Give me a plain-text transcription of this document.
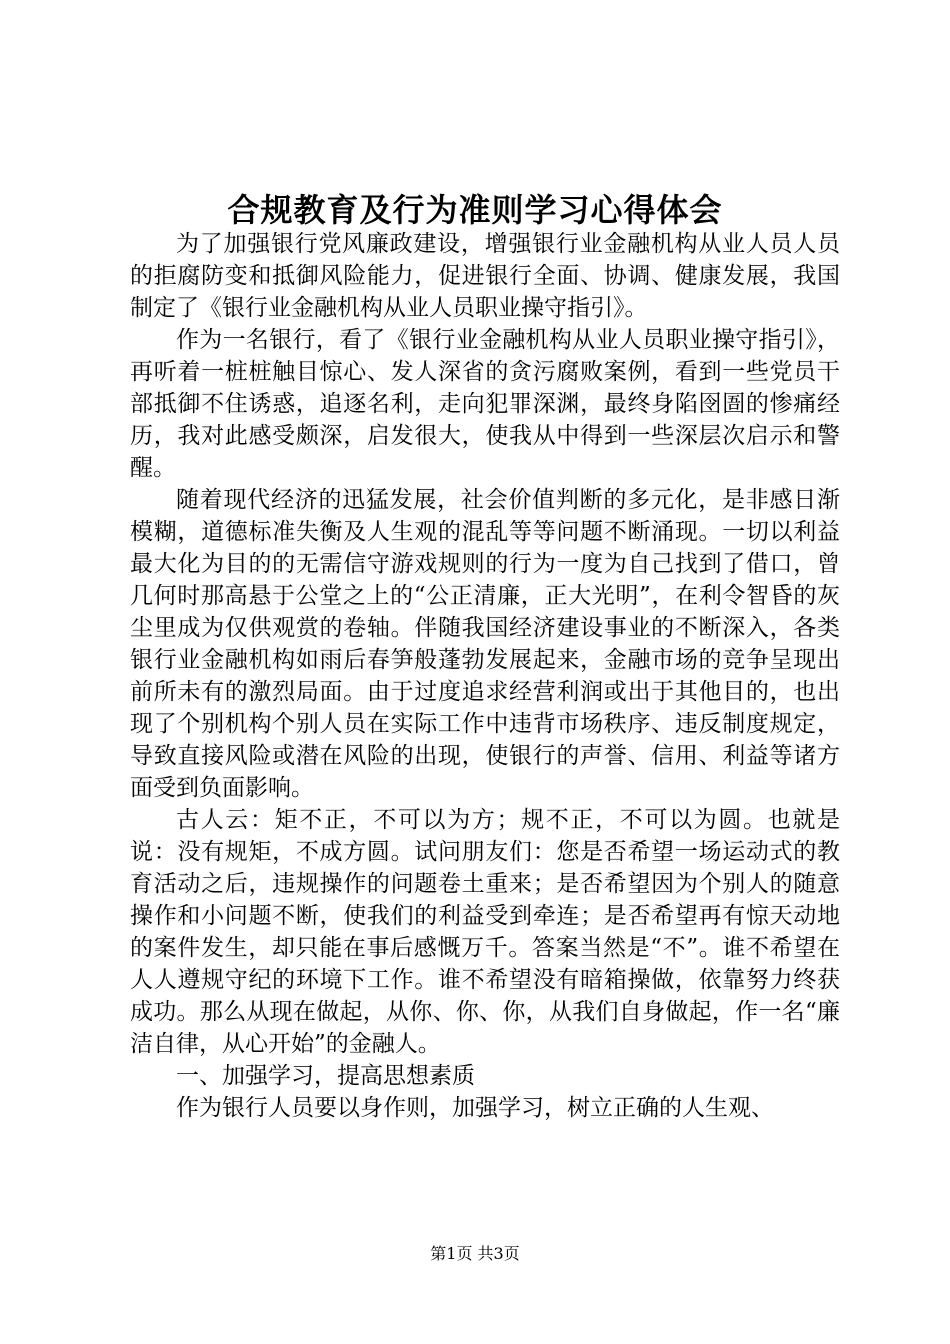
合规教育及行为准则学习心得体会

为了加强银行党风廉政建设，增强银行业金融机构从业人员人员的拒腐防变和抵御风险能力，促进银行全面、协调、健康发展，我国制定了《银行业金融机构从业人员职业操守指引》。

作为一名银行，看了《银行业金融机构从业人员职业操守指引》，再听着一桩桩触目惊心、发人深省的贪污腐败案例，看到一些党员干部抵御不住诱惑，追逐名利，走向犯罪深渊，最终身陷囹圄的惨痛经历，我对此感受颇深，启发很大，使我从中得到一些深层次启示和警醒。

随着现代经济的迅猛发展，社会价值判断的多元化，是非感日渐模糊，道德标准失衡及人生观的混乱等等问题不断涌现。一切以利益最大化为目的的无需信守游戏规则的行为一度为自己找到了借口，曾几何时那高悬于公堂之上的“公正清廉，正大光明”，在利令智昏的灰尘里成为仅供观赏的卷轴。伴随我国经济建设事业的不断深入，各类银行业金融机构如雨后春笋般蓬勃发展起来，金融市场的竞争呈现出前所未有的激烈局面。由于过度追求经营利润或出于其他目的，也出现了个别机构个别人员在实际工作中违背市场秩序、违反制度规定，导致直接风险或潜在风险的出现，使银行的声誉、信用、利益等诸方面受到负面影响。

古人云：矩不正，不可以为方；规不正，不可以为圆。也就是说：没有规矩，不成方圆。试问朋友们：您是否希望一场运动式的教育活动之后，违规操作的问题卷土重来；是否希望因为个别人的随意操作和小问题不断，使我们的利益受到牵连；是否希望再有惊天动地的案件发生，却只能在事后感慨万千。答案当然是“不”。谁不希望在人人遵规守纪的环境下工作。谁不希望没有暗箱操做，依靠努力终获成功。那么从现在做起，从你、你、你，从我们自身做起，作一名“廉洁自律，从心开始”的金融人。

一、加强学习，提高思想素质

作为银行人员要以身作则，加强学习，树立正确的人生观、

第1页 共3页
